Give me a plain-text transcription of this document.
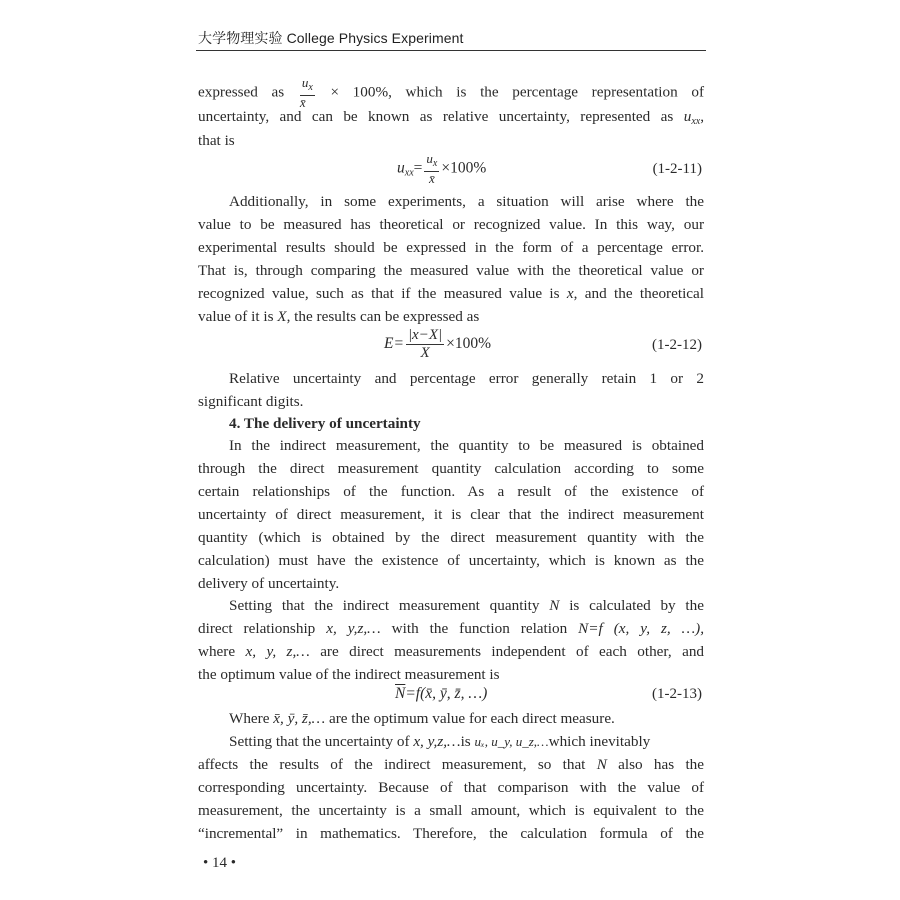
大学物理实验 College Physics Experiment
expressed as $\frac{u_x}{x̄} \times 100\%$, which is the percentage representation of
uncertainty, and can be known as relative uncertainty, represented as $u_{xx}$,
that is
$u_{xx}= \frac{u_x}{x̄} \times 100\%$	(1-2-11)
Additionally, in some experiments, a situation will arise where the
value to be measured has theoretical or recognized value. In this way, our
experimental results should be expressed in the form of a percentage error.
That is, through comparing the measured value with the theoretical value or
recognized value, such as that if the measured value is x, and the theoretical
value of it is X, the results can be expressed as
$E= \frac{|x-X|}{X} \times 100\%$	(1-2-12)
Relative uncertainty and percentage error generally retain 1 or 2
significant digits.
4. The delivery of uncertainty
In the indirect measurement, the quantity to be measured is obtained
through the direct measurement quantity calculation according to some
certain relationships of the function. As a result of the existence of
uncertainty of direct measurement, it is clear that the indirect measurement
quantity (which is obtained by the direct measurement quantity with the
calculation) must have the existence of uncertainty, which is known as the
delivery of uncertainty.
Setting that the indirect measurement quantity N is calculated by the
direct relationship x, y,z,… with the function relation N=f (x, y, z, …),
where x, y, z,… are direct measurements independent of each other, and
the optimum value of the indirect measurement is
$\overline{N}=f(x̄$, ȳ, z̄, …)	(1-2-13)
Where x̄, ȳ, z̄,… are the optimum value for each direct measure.
Setting that the uncertainty of x, y,z,…is uₓ, u_y, u_z,…which inevitably
affects the results of the indirect measurement, so that N also has the
corresponding uncertainty. Because of that comparison with the value of
measurement, the uncertainty is a small amount, which is equivalent to the
“incremental” in mathematics. Therefore, the calculation formula of the
• 14 •
